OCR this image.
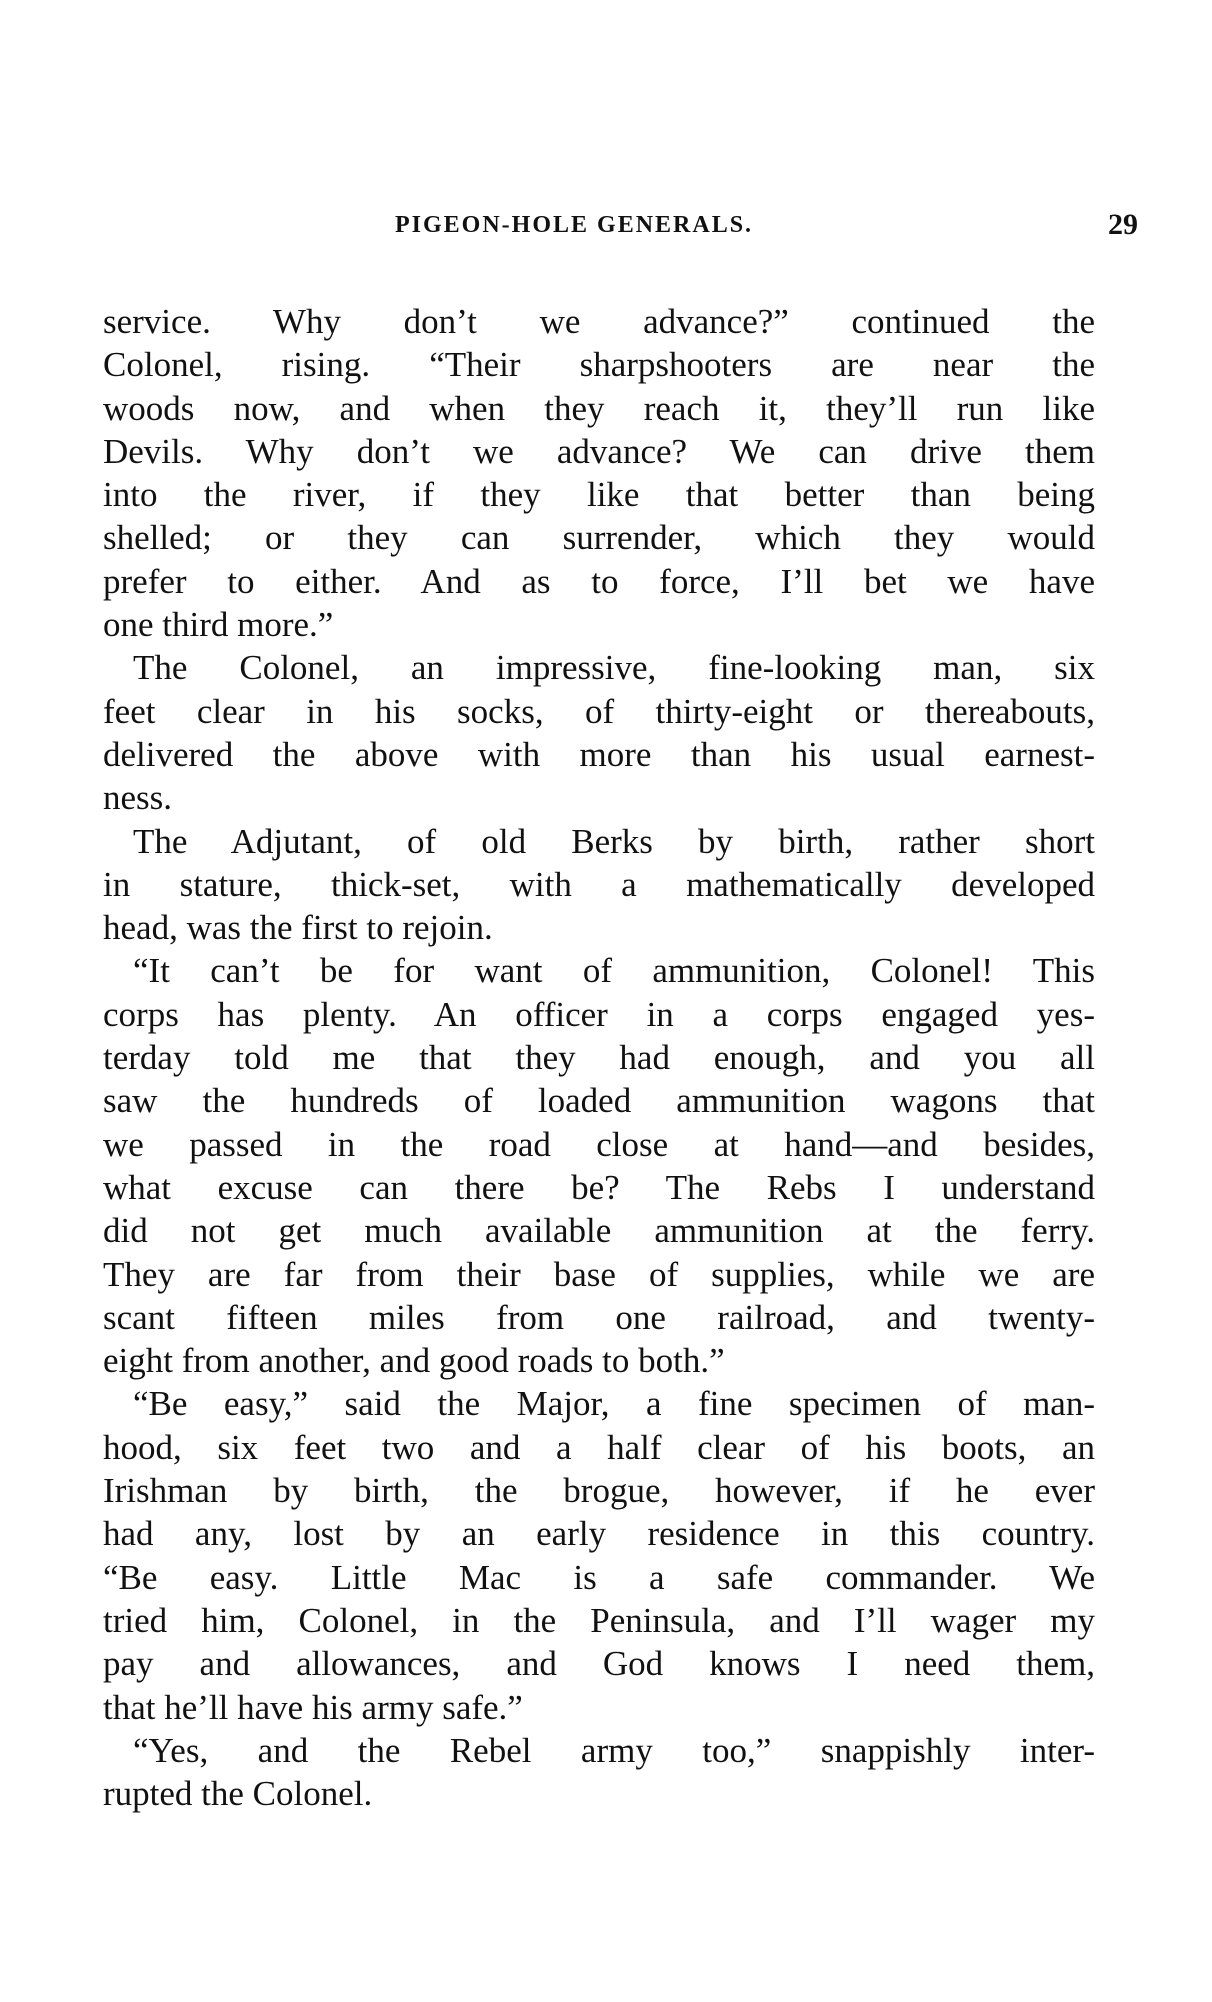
PIGEON-HOLE GENERALS.	29
service. Why don’t we advance?” continued the
Colonel, rising. “Their sharpshooters are near the
woods now, and when they reach it, they’ll run like
Devils. Why don’t we advance? We can drive them
into the river, if they like that better than being
shelled; or they can surrender, which they would
prefer to either. And as to force, I’ll bet we have
one third more.”
The Colonel, an impressive, fine-looking man, six
feet clear in his socks, of thirty-eight or thereabouts,
delivered the above with more than his usual earnest-
ness.
The Adjutant, of old Berks by birth, rather short
in stature, thick-set, with a mathematically developed
head, was the first to rejoin.
“It can’t be for want of ammunition, Colonel! This
corps has plenty. An officer in a corps engaged yes-
terday told me that they had enough, and you all
saw the hundreds of loaded ammunition wagons that
we passed in the road close at hand—and besides,
what excuse can there be? The Rebs I understand
did not get much available ammunition at the ferry.
They are far from their base of supplies, while we are
scant fifteen miles from one railroad, and twenty-
eight from another, and good roads to both.”
“Be easy,” said the Major, a fine specimen of man-
hood, six feet two and a half clear of his boots, an
Irishman by birth, the brogue, however, if he ever
had any, lost by an early residence in this country.
“Be easy. Little Mac is a safe commander. We
tried him, Colonel, in the Peninsula, and I’ll wager my
pay and allowances, and God knows I need them,
that he’ll have his army safe.”
“Yes, and the Rebel army too,” snappishly inter-
rupted the Colonel.
